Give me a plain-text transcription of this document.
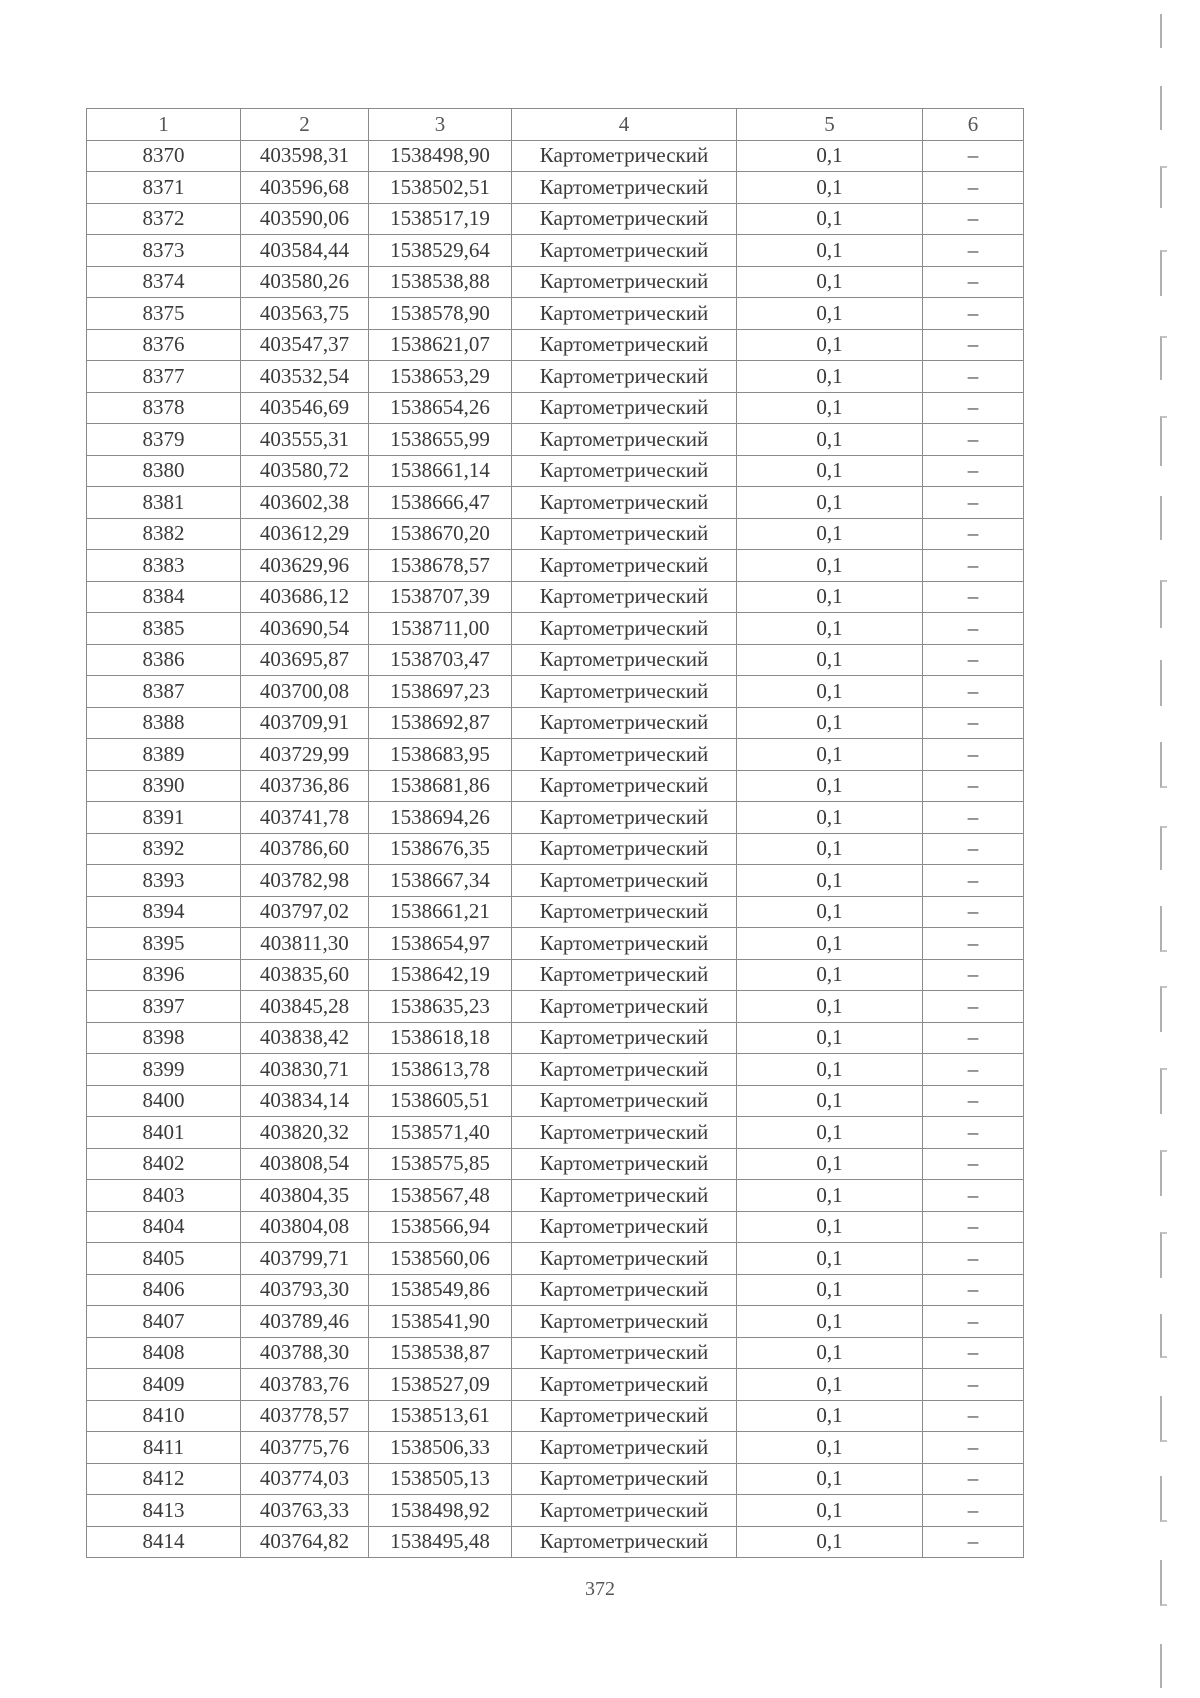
1	2	3	4	5	6
8370	403598,31	1538498,90	Картометрический	0,1	–
8371	403596,68	1538502,51	Картометрический	0,1	–
8372	403590,06	1538517,19	Картометрический	0,1	–
8373	403584,44	1538529,64	Картометрический	0,1	–
8374	403580,26	1538538,88	Картометрический	0,1	–
8375	403563,75	1538578,90	Картометрический	0,1	–
8376	403547,37	1538621,07	Картометрический	0,1	–
8377	403532,54	1538653,29	Картометрический	0,1	–
8378	403546,69	1538654,26	Картометрический	0,1	–
8379	403555,31	1538655,99	Картометрический	0,1	–
8380	403580,72	1538661,14	Картометрический	0,1	–
8381	403602,38	1538666,47	Картометрический	0,1	–
8382	403612,29	1538670,20	Картометрический	0,1	–
8383	403629,96	1538678,57	Картометрический	0,1	–
8384	403686,12	1538707,39	Картометрический	0,1	–
8385	403690,54	1538711,00	Картометрический	0,1	–
8386	403695,87	1538703,47	Картометрический	0,1	–
8387	403700,08	1538697,23	Картометрический	0,1	–
8388	403709,91	1538692,87	Картометрический	0,1	–
8389	403729,99	1538683,95	Картометрический	0,1	–
8390	403736,86	1538681,86	Картометрический	0,1	–
8391	403741,78	1538694,26	Картометрический	0,1	–
8392	403786,60	1538676,35	Картометрический	0,1	–
8393	403782,98	1538667,34	Картометрический	0,1	–
8394	403797,02	1538661,21	Картометрический	0,1	–
8395	403811,30	1538654,97	Картометрический	0,1	–
8396	403835,60	1538642,19	Картометрический	0,1	–
8397	403845,28	1538635,23	Картометрический	0,1	–
8398	403838,42	1538618,18	Картометрический	0,1	–
8399	403830,71	1538613,78	Картометрический	0,1	–
8400	403834,14	1538605,51	Картометрический	0,1	–
8401	403820,32	1538571,40	Картометрический	0,1	–
8402	403808,54	1538575,85	Картометрический	0,1	–
8403	403804,35	1538567,48	Картометрический	0,1	–
8404	403804,08	1538566,94	Картометрический	0,1	–
8405	403799,71	1538560,06	Картометрический	0,1	–
8406	403793,30	1538549,86	Картометрический	0,1	–
8407	403789,46	1538541,90	Картометрический	0,1	–
8408	403788,30	1538538,87	Картометрический	0,1	–
8409	403783,76	1538527,09	Картометрический	0,1	–
8410	403778,57	1538513,61	Картометрический	0,1	–
8411	403775,76	1538506,33	Картометрический	0,1	–
8412	403774,03	1538505,13	Картометрический	0,1	–
8413	403763,33	1538498,92	Картометрический	0,1	–
8414	403764,82	1538495,48	Картометрический	0,1	–
372
